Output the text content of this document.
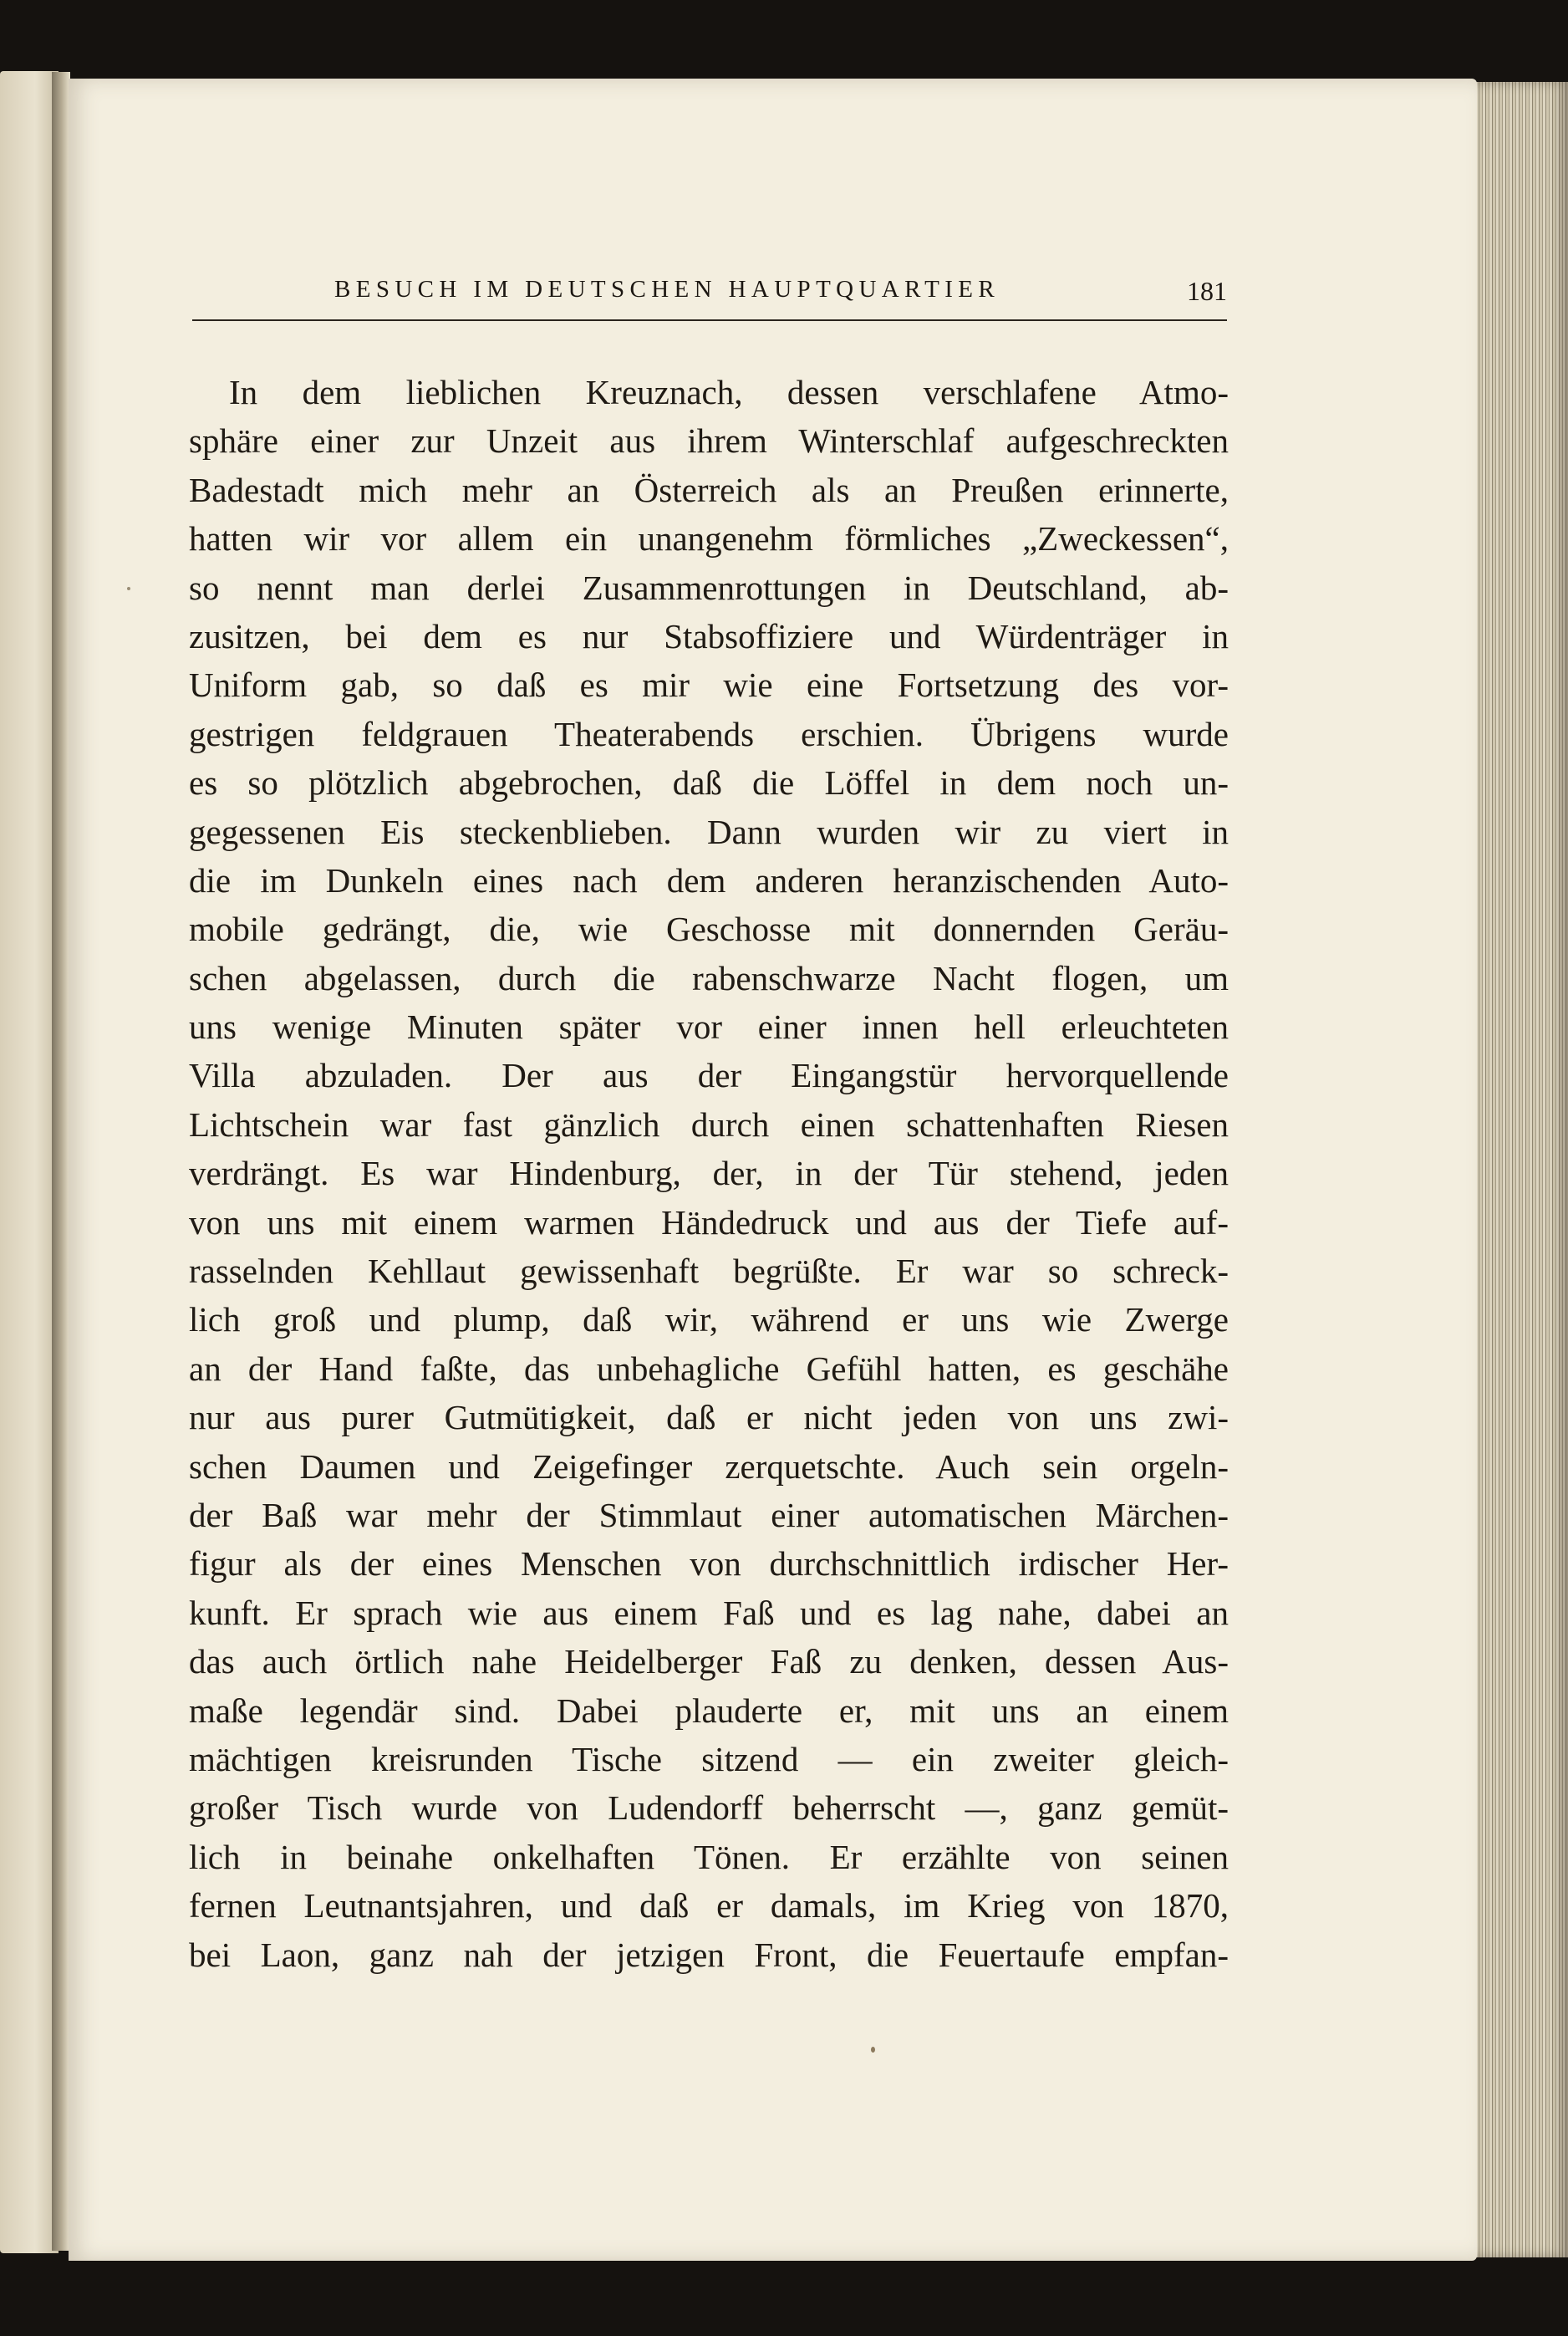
BESUCH IM DEUTSCHEN HAUPTQUARTIER	181

In dem lieblichen Kreuznach, dessen verschlafene Atmo-

sphäre einer zur Unzeit aus ihrem Winterschlaf aufgeschreckten

Badestadt mich mehr an Österreich als an Preußen erinnerte,

hatten wir vor allem ein unangenehm förmliches „Zweckessen“,

so nennt man derlei Zusammenrottungen in Deutschland, ab-

zusitzen, bei dem es nur Stabsoffiziere und Würdenträger in

Uniform gab, so daß es mir wie eine Fortsetzung des vor-

gestrigen feldgrauen Theaterabends erschien. Übrigens wurde

es so plötzlich abgebrochen, daß die Löffel in dem noch un-

gegessenen Eis steckenblieben. Dann wurden wir zu viert in

die im Dunkeln eines nach dem anderen heranzischenden Auto-

mobile gedrängt, die, wie Geschosse mit donnernden Geräu-

schen abgelassen, durch die rabenschwarze Nacht flogen, um

uns wenige Minuten später vor einer innen hell erleuchteten

Villa abzuladen. Der aus der Eingangstür hervorquellende

Lichtschein war fast gänzlich durch einen schattenhaften Riesen

verdrängt. Es war Hindenburg, der, in der Tür stehend, jeden

von uns mit einem warmen Händedruck und aus der Tiefe auf-

rasselnden Kehllaut gewissenhaft begrüßte. Er war so schreck-

lich groß und plump, daß wir, während er uns wie Zwerge

an der Hand faßte, das unbehagliche Gefühl hatten, es geschähe

nur aus purer Gutmütigkeit, daß er nicht jeden von uns zwi-

schen Daumen und Zeigefinger zerquetschte. Auch sein orgeln-

der Baß war mehr der Stimmlaut einer automatischen Märchen-

figur als der eines Menschen von durchschnittlich irdischer Her-

kunft. Er sprach wie aus einem Faß und es lag nahe, dabei an

das auch örtlich nahe Heidelberger Faß zu denken, dessen Aus-

maße legendär sind. Dabei plauderte er, mit uns an einem

mächtigen kreisrunden Tische sitzend — ein zweiter gleich-

großer Tisch wurde von Ludendorff beherrscht —, ganz gemüt-

lich in beinahe onkelhaften Tönen. Er erzählte von seinen

fernen Leutnantsjahren, und daß er damals, im Krieg von 1870,

bei Laon, ganz nah der jetzigen Front, die Feuertaufe empfan-
